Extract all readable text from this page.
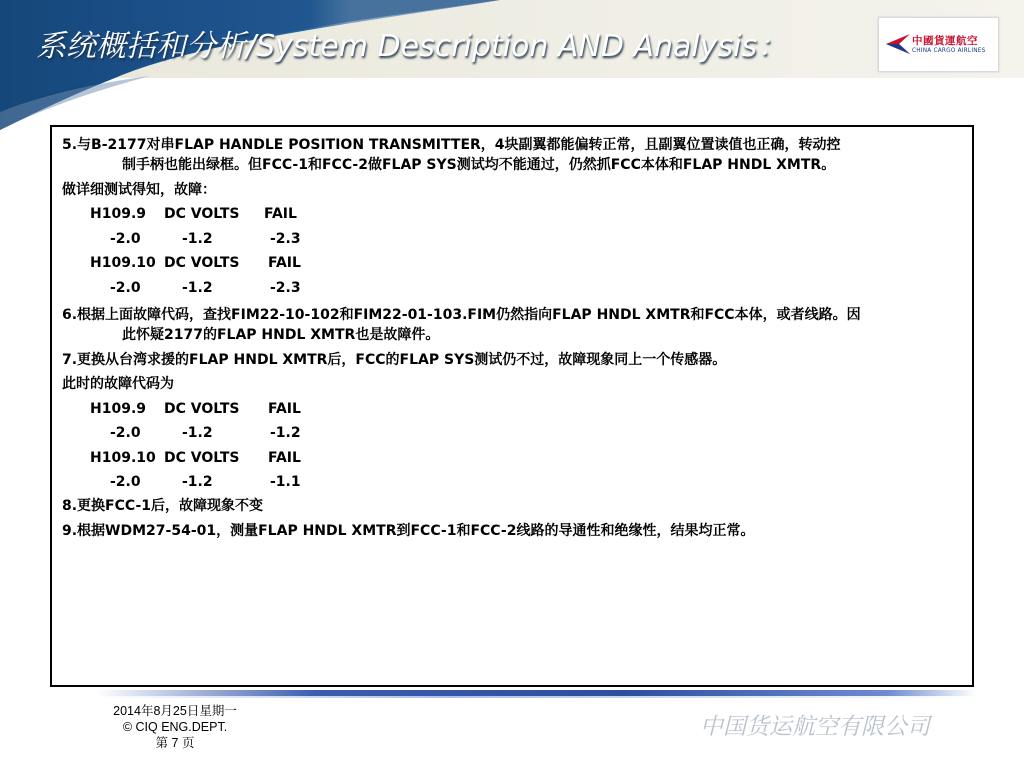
系统概括和分析/System Description AND Analysis：	中國貨運航空
CHINA CARGO AIRLINES
5.与B-2177对串FLAP HANDLE POSITION TRANSMITTER，4块副翼都能偏转正常，且副翼位置读值也正确，转动控
制手柄也能出绿框。但FCC-1和FCC-2做FLAP SYS测试均不能通过，仍然抓FCC本体和FLAP HNDL XMTR。
做详细测试得知，故障：
H109.9 DC VOLTS FAIL
-2.0	-1.2	-2.3
H109.10 DC VOLTS FAIL
-2.0	-1.2	-2.3
6.根据上面故障代码，查找FIM22-10-102和FIM22-01-103.FIM仍然指向FLAP HNDL XMTR和FCC本体，或者线路。因
此怀疑2177的FLAP HNDL XMTR也是故障件。
7.更换从台湾求援的FLAP HNDL XMTR后，FCC的FLAP SYS测试仍不过，故障现象同上一个传感器。
此时的故障代码为
H109.9 DC VOLTS FAIL
-2.0	-1.2	-1.2
H109.10 DC VOLTS FAIL
-2.0	-1.2	-1.1
8.更换FCC-1后，故障现象不变
9.根据WDM27-54-01，测量FLAP HNDL XMTR到FCC-1和FCC-2线路的导通性和绝缘性，结果均正常。
2014年8月25日星期一
© CIQ ENG.DEPT.
第 7 页
中国货运航空有限公司
